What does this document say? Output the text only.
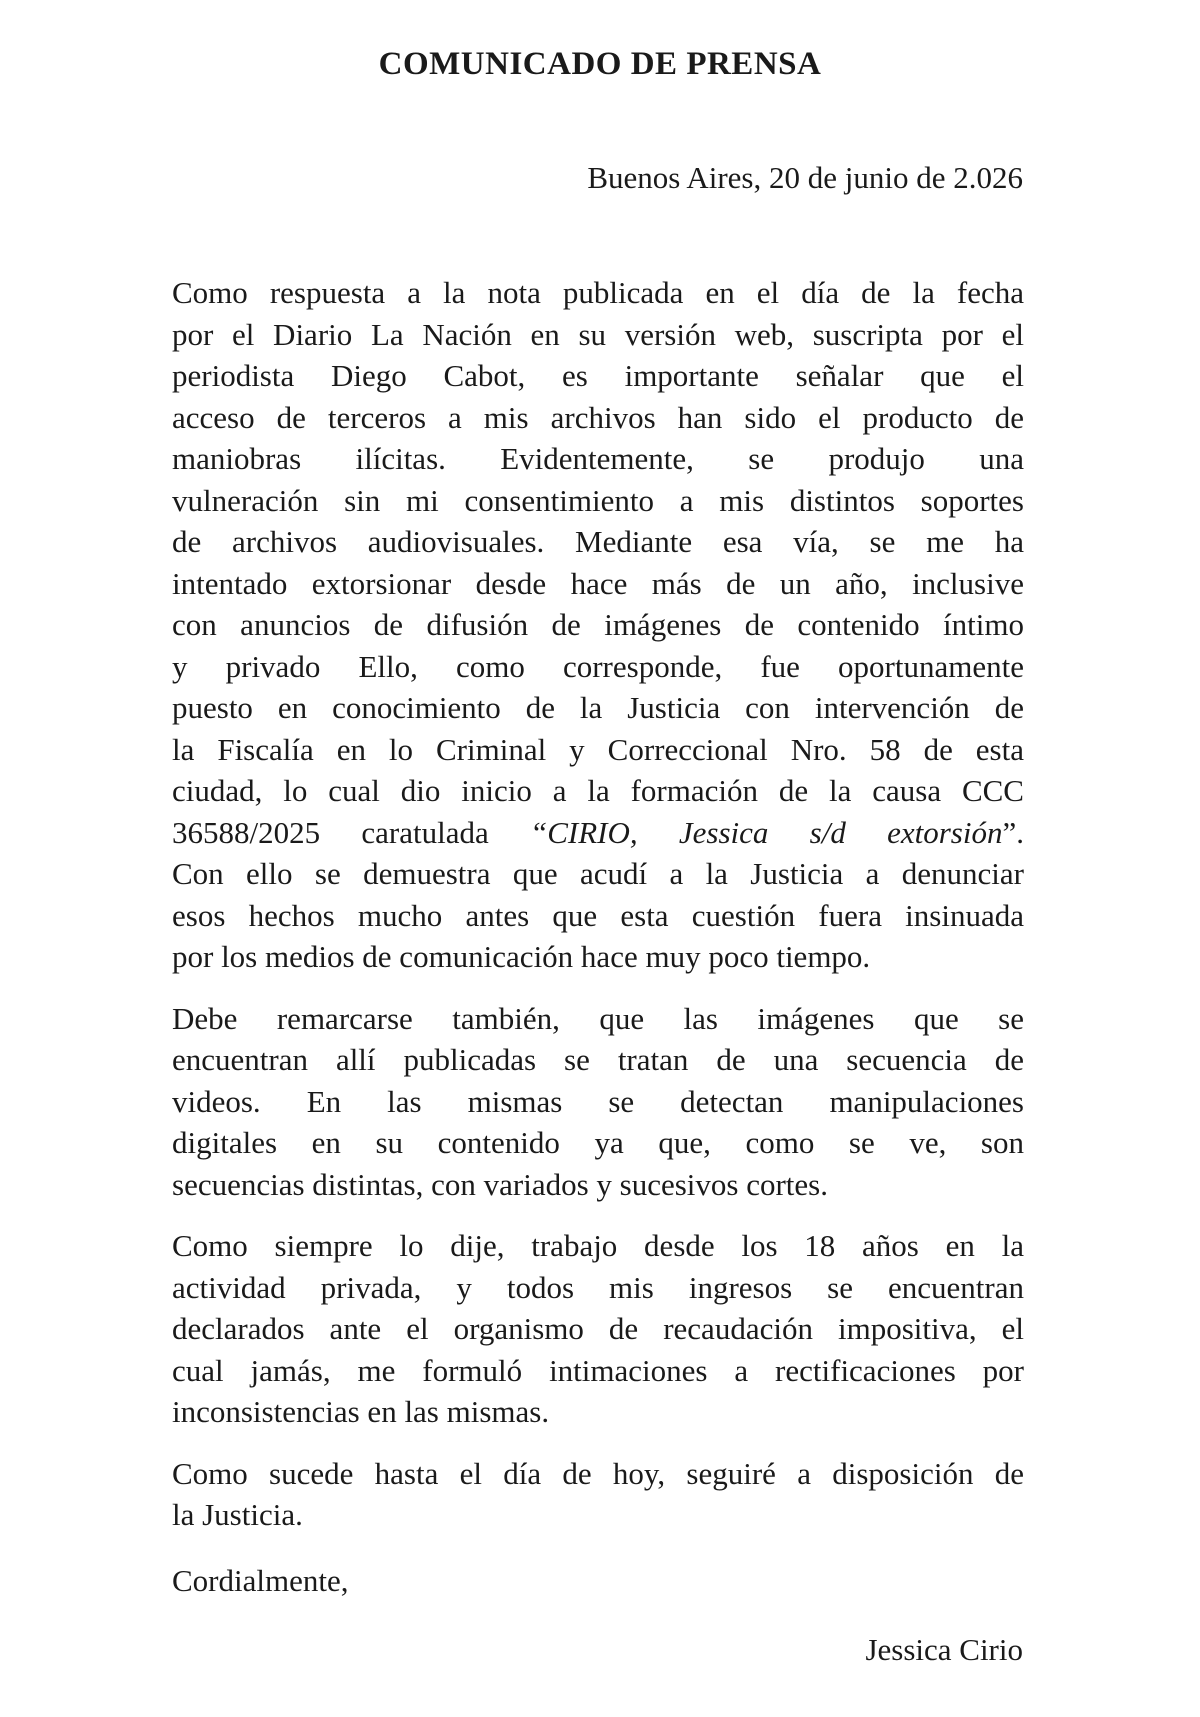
COMUNICADO DE PRENSA
Buenos Aires, 20 de junio de 2.026

Como respuesta a la nota publicada en el día de la fecha
por el Diario La Nación en su versión web, suscripta por el
periodista Diego Cabot, es importante señalar que el
acceso de terceros a mis archivos han sido el producto de
maniobras ilícitas. Evidentemente, se produjo una
vulneración sin mi consentimiento a mis distintos soportes
de archivos audiovisuales. Mediante esa vía, se me ha
intentado extorsionar desde hace más de un año, inclusive
con anuncios de difusión de imágenes de contenido íntimo
y privado Ello, como corresponde, fue oportunamente
puesto en conocimiento de la Justicia con intervención de
la Fiscalía en lo Criminal y Correccional Nro. 58 de esta
ciudad, lo cual dio inicio a la formación de la causa CCC
36588/2025 caratulada “CIRIO, Jessica s/d extorsión”.
Con ello se demuestra que acudí a la Justicia a denunciar
esos hechos mucho antes que esta cuestión fuera insinuada
por los medios de comunicación hace muy poco tiempo.

Debe remarcarse también, que las imágenes que se
encuentran allí publicadas se tratan de una secuencia de
videos. En las mismas se detectan manipulaciones
digitales en su contenido ya que, como se ve, son
secuencias distintas, con variados y sucesivos cortes.

Como siempre lo dije, trabajo desde los 18 años en la
actividad privada, y todos mis ingresos se encuentran
declarados ante el organismo de recaudación impositiva, el
cual jamás, me formuló intimaciones a rectificaciones por
inconsistencias en las mismas.

Como sucede hasta el día de hoy, seguiré a disposición de
la Justicia.

Cordialmente,
Jessica Cirio
